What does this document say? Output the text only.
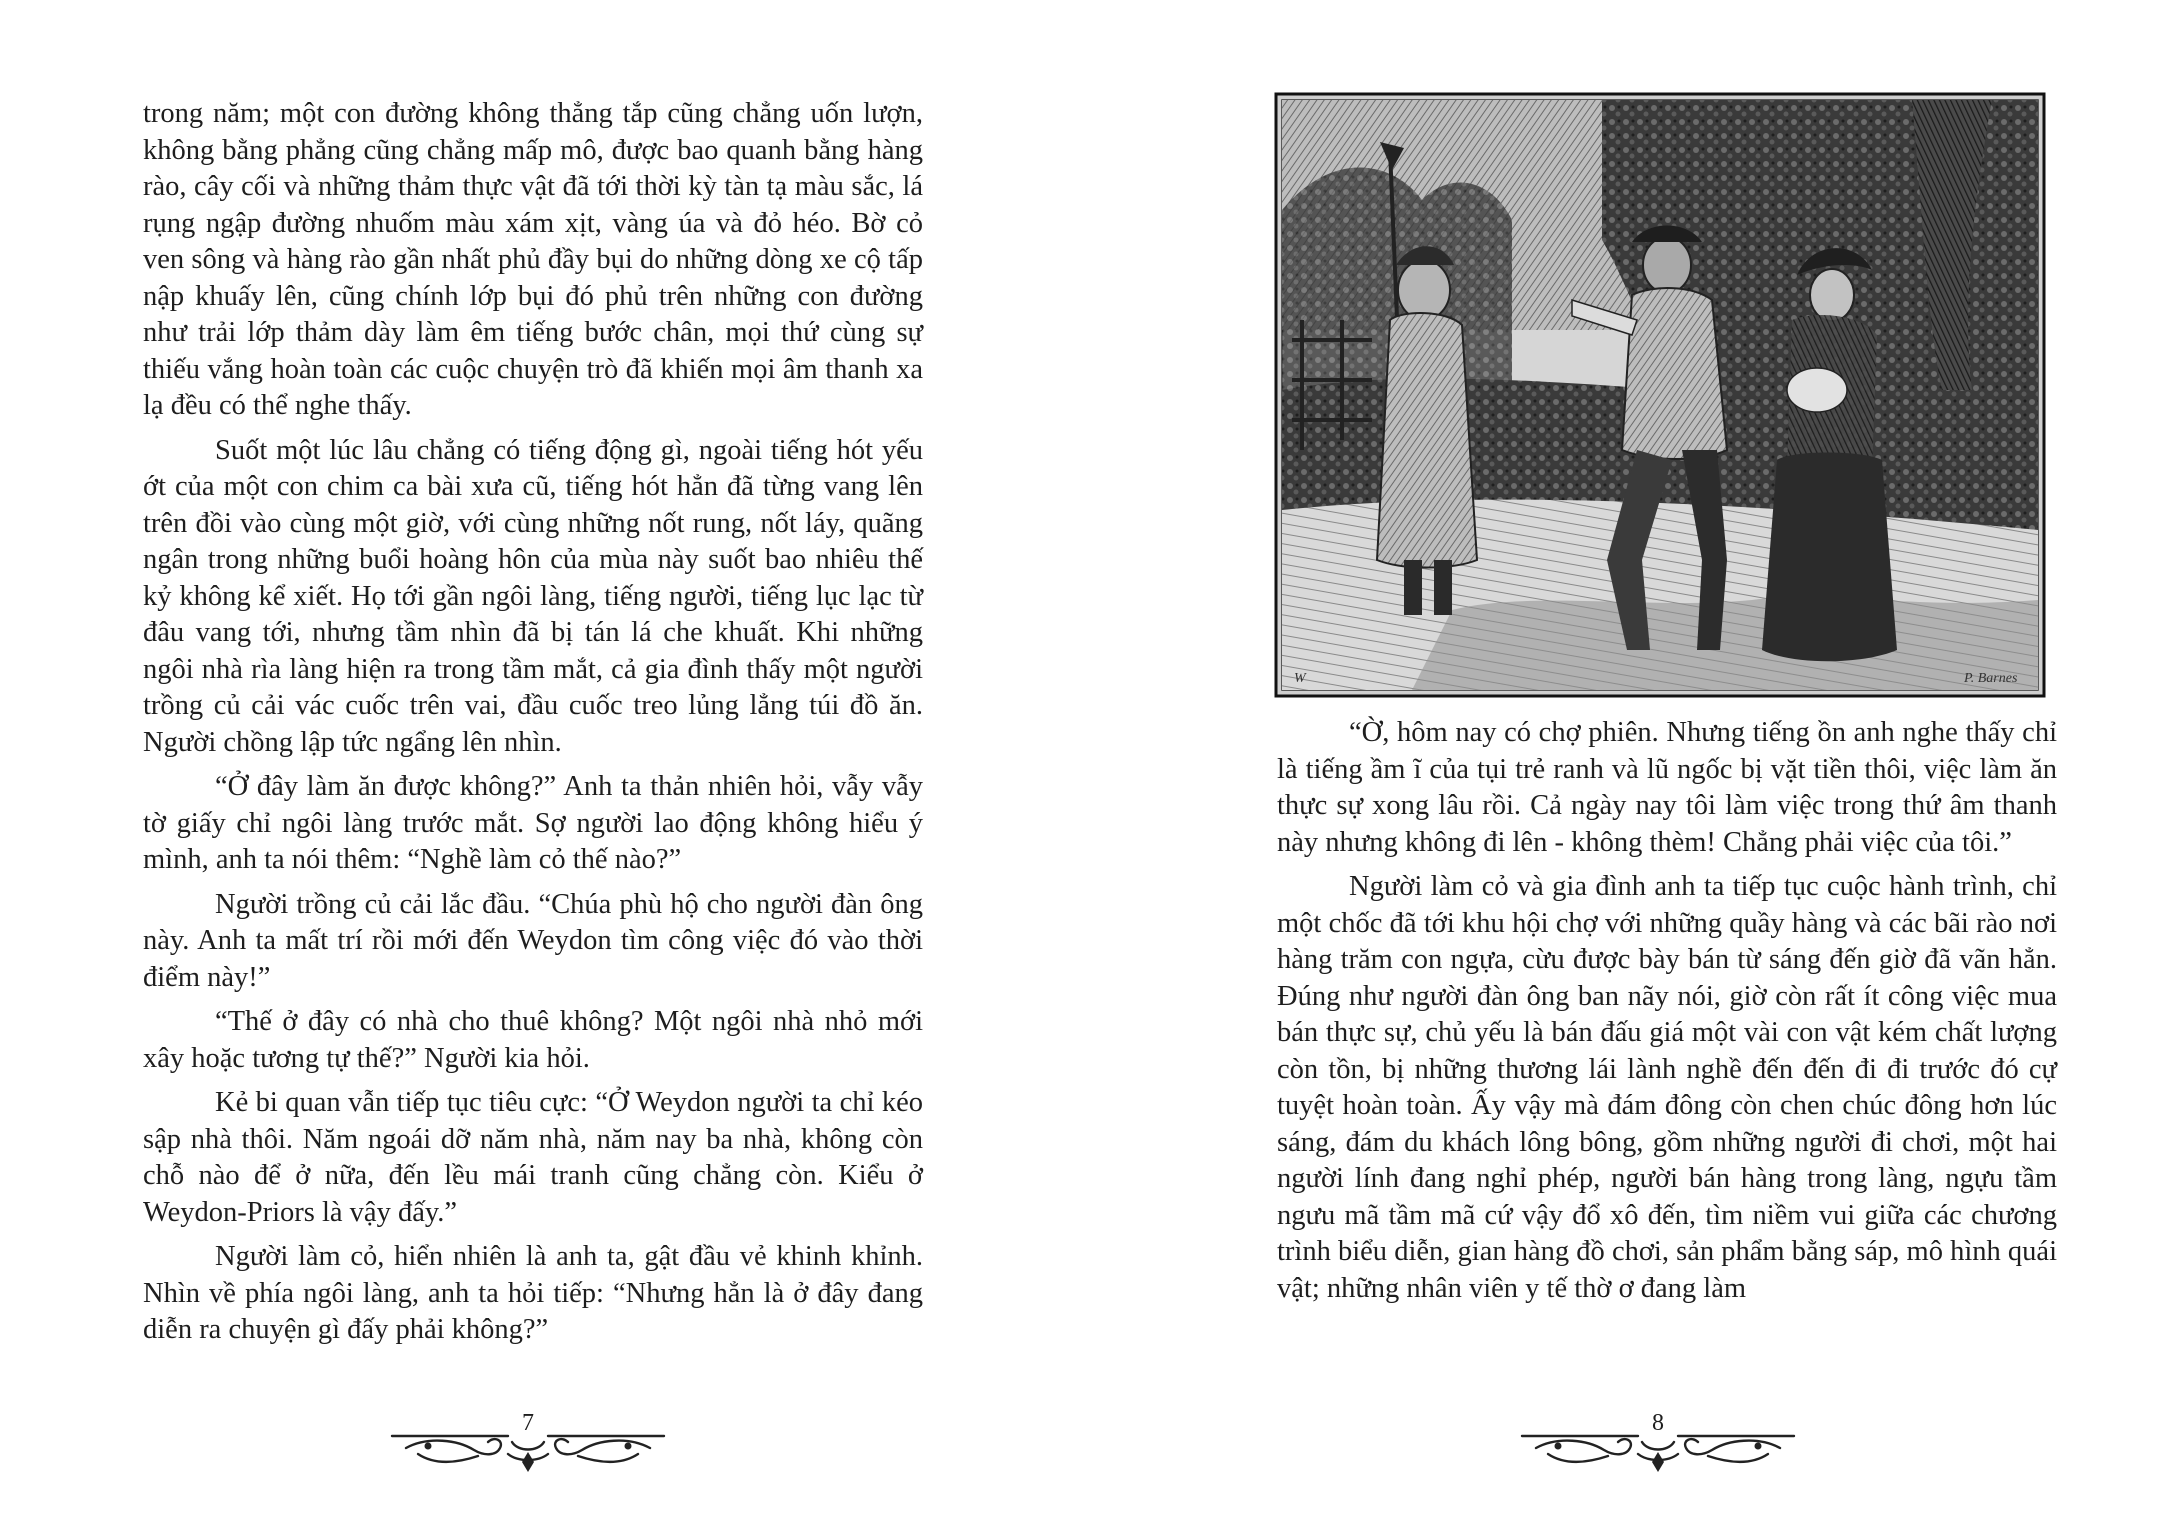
trong năm; một con đường không thẳng tắp cũng chẳng uốn lượn, không bằng phẳng cũng chẳng mấp mô, được bao quanh bằng hàng rào, cây cối và những thảm thực vật đã tới thời kỳ tàn tạ màu sắc, lá rụng ngập đường nhuốm màu xám xịt, vàng úa và đỏ héo. Bờ cỏ ven sông và hàng rào gần nhất phủ đầy bụi do những dòng xe cộ tấp nập khuấy lên, cũng chính lớp bụi đó phủ trên những con đường như trải lớp thảm dày làm êm tiếng bước chân, mọi thứ cùng sự thiếu vắng hoàn toàn các cuộc chuyện trò đã khiến mọi âm thanh xa lạ đều có thể nghe thấy.

Suốt một lúc lâu chẳng có tiếng động gì, ngoài tiếng hót yếu ớt của một con chim ca bài xưa cũ, tiếng hót hẳn đã từng vang lên trên đồi vào cùng một giờ, với cùng những nốt rung, nốt láy, quãng ngân trong những buổi hoàng hôn của mùa này suốt bao nhiêu thế kỷ không kể xiết. Họ tới gần ngôi làng, tiếng người, tiếng lục lạc từ đâu vang tới, nhưng tầm nhìn đã bị tán lá che khuất. Khi những ngôi nhà rìa làng hiện ra trong tầm mắt, cả gia đình thấy một người trồng củ cải vác cuốc trên vai, đầu cuốc treo lủng lẳng túi đồ ăn. Người chồng lập tức ngẩng lên nhìn.

“Ở đây làm ăn được không?” Anh ta thản nhiên hỏi, vẫy vẫy tờ giấy chỉ ngôi làng trước mắt. Sợ người lao động không hiểu ý mình, anh ta nói thêm: “Nghề làm cỏ thế nào?”

Người trồng củ cải lắc đầu. “Chúa phù hộ cho người đàn ông này. Anh ta mất trí rồi mới đến Weydon tìm công việc đó vào thời điểm này!”

“Thế ở đây có nhà cho thuê không? Một ngôi nhà nhỏ mới xây hoặc tương tự thế?” Người kia hỏi.

Kẻ bi quan vẫn tiếp tục tiêu cực: “Ở Weydon người ta chỉ kéo sập nhà thôi. Năm ngoái dỡ năm nhà, năm nay ba nhà, không còn chỗ nào để ở nữa, đến lều mái tranh cũng chẳng còn. Kiểu ở Weydon-Priors là vậy đấy.”

Người làm cỏ, hiển nhiên là anh ta, gật đầu vẻ khinh khỉnh. Nhìn về phía ngôi làng, anh ta hỏi tiếp: “Nhưng hẳn là ở đây đang diễn ra chuyện gì đấy phải không?”

7
W	P. Barnes

“Ờ, hôm nay có chợ phiên. Nhưng tiếng ồn anh nghe thấy chỉ là tiếng ầm ĩ của tụi trẻ ranh và lũ ngốc bị vặt tiền thôi, việc làm ăn thực sự xong lâu rồi. Cả ngày nay tôi làm việc trong thứ âm thanh này nhưng không đi lên - không thèm! Chẳng phải việc của tôi.”

Người làm cỏ và gia đình anh ta tiếp tục cuộc hành trình, chỉ một chốc đã tới khu hội chợ với những quầy hàng và các bãi rào nơi hàng trăm con ngựa, cừu được bày bán từ sáng đến giờ đã vãn hẳn. Đúng như người đàn ông ban nãy nói, giờ còn rất ít công việc mua bán thực sự, chủ yếu là bán đấu giá một vài con vật kém chất lượng còn tồn, bị những thương lái lành nghề đến đến đi đi trước đó cự tuyệt hoàn toàn. Ấy vậy mà đám đông còn chen chúc đông hơn lúc sáng, đám du khách lông bông, gồm những người đi chơi, một hai người lính đang nghỉ phép, người bán hàng trong làng, ngựu tầm ngưu mã tầm mã cứ vậy đổ xô đến, tìm niềm vui giữa các chương trình biểu diễn, gian hàng đồ chơi, sản phẩm bằng sáp, mô hình quái vật; những nhân viên y tế thờ ơ đang làm

8
